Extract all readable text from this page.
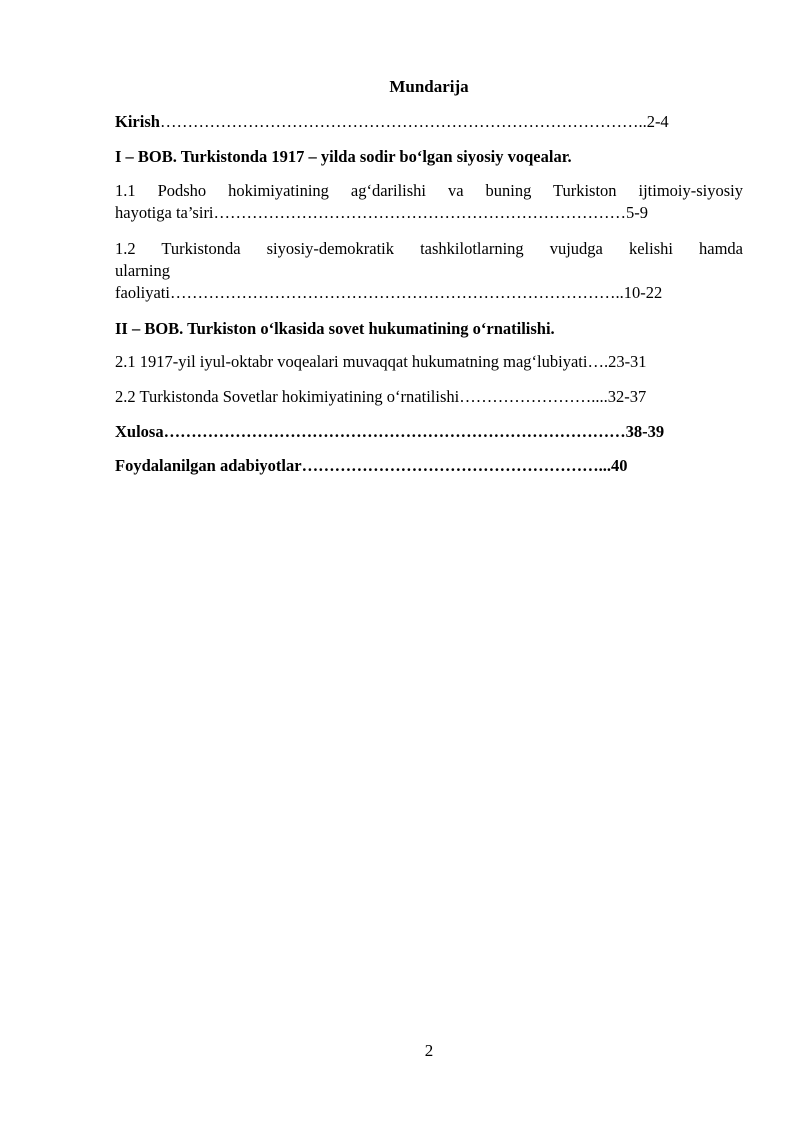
Mundarija
Kirish……………………………………………………………………………..2-4
I – BOB. Turkistonda 1917 – yilda sodir bo‘lgan siyosiy voqealar.
1.1 Podsho hokimiyatining ag‘darilishi va buning Turkiston ijtimoiy-siyosiy
hayotiga ta’siri…………………………………………………………………5-9
1.2 Turkistonda siyosiy-demokratik tashkilotlarning vujudga kelishi hamda
ularning
faoliyati………………………………………………………………………..10-22
II – BOB. Turkiston o‘lkasida sovet hukumatining o‘rnatilishi.
2.1 1917-yil iyul-oktabr voqealari muvaqqat hukumatning mag‘lubiyati….23-31
2.2 Turkistonda Sovetlar hokimiyatining o‘rnatilishi……………………....32-37
Xulosa…………………………………………………………………………38-39
Foydalanilgan adabiyotlar………………………………………………...40
2
